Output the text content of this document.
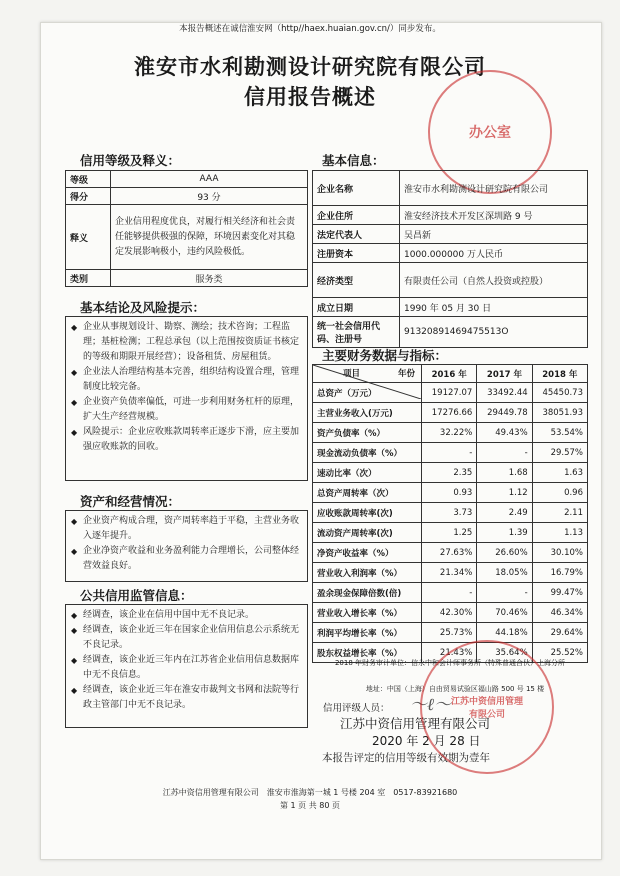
本报告概述在诚信淮安网（http//haex.huaian.gov.cn/）同步发布。
淮安市水利勘测设计研究院有限公司
信用报告概述
办公室
信用等级及释义：
等级	AAA
得分	93 分
释义	企业信用程度优良，对履行相关经济和社会责任能够提供极强的保障，环境因素变化对其稳定发展影响极小，违约风险极低。
类别	服务类
基本信息：
企业名称	淮安市水利勘测设计研究院有限公司
企业住所	淮安经济技术开发区深圳路 9 号
法定代表人	吴昌新
注册资本	1000.000000 万人民币
经济类型	有限责任公司（自然人投资或控股）
成立日期	1990 年 05 月 30 日
统一社会信用代码、注册号	91320891469475513O
基本结论及风险提示：
◆ 企业从事规划设计、勘察、测绘；技术咨询；工程监理；基桩检测；工程总承包（以上范围按资质证书核定的等级和期限开展经营）；设备租赁、房屋租赁。
◆ 企业法人治理结构基本完善，组织结构设置合理，管理制度比较完备。
◆ 企业资产负债率偏低，可进一步利用财务杠杆的原理，扩大生产经营规模。
◆ 风险提示：企业应收账款周转率正逐步下滑，应主要加强应收账款的回收。
资产和经营情况：
◆ 企业资产构成合理，资产周转率趋于平稳，主营业务收入逐年提升。
◆ 企业净资产收益和业务盈利能力合理增长，公司整体经营效益良好。
公共信用监管信息：
◆ 经调查，该企业在信用中国中无不良记录。
◆ 经调查，该企业近三年在国家企业信用信息公示系统无不良记录。
◆ 经调查，该企业近三年内在江苏省企业信用信息数据库中无不良信息。
◆ 经调查，该企业近三年在淮安市裁判文书网和法院等行政主管部门中无不良记录。
主要财务数据与指标：
年份
项目	2016 年	2017 年	2018 年
总资产（万元）	19127.07	33492.44	45450.73
主营业务收入(万元)	17276.66	29449.78	38051.93
资产负债率（%）	32.22%	49.43%	53.54%
现金流动负债率（%）	-	-	29.57%
速动比率（次）	2.35	1.68	1.63
总资产周转率（次）	0.93	1.12	0.96
应收账款周转率(次)	3.73	2.49	2.11
流动资产周转率(次)	1.25	1.39	1.13
净资产收益率（%）	27.63%	26.60%	30.10%
营业收入利润率（%）	21.34%	18.05%	16.79%
盈余现金保障倍数(倍)	-	-	99.47%
营业收入增长率（%）	42.30%	70.46%	46.34%
利润平均增长率（%）	25.73%	44.18%	29.64%
股东权益增长率（%）	21.43%	35.64%	25.52%
2018 年财务审计单位：信永中和会计师事务所（特殊普通合伙）上海分所
地址：中国（上海）自由贸易试验区福山路 500 号 15 楼
信用评级人员： 〜ℓ〜
江苏中资信用管理有限公司
2020 年 2 月 28 日
本报告评定的信用等级有效期为壹年
江苏中资信用管理有限公司
江苏中资信用管理有限公司　淮安市淮海第一城 1 号楼 204 室　0517-83921680
第 1 页 共 80 页
